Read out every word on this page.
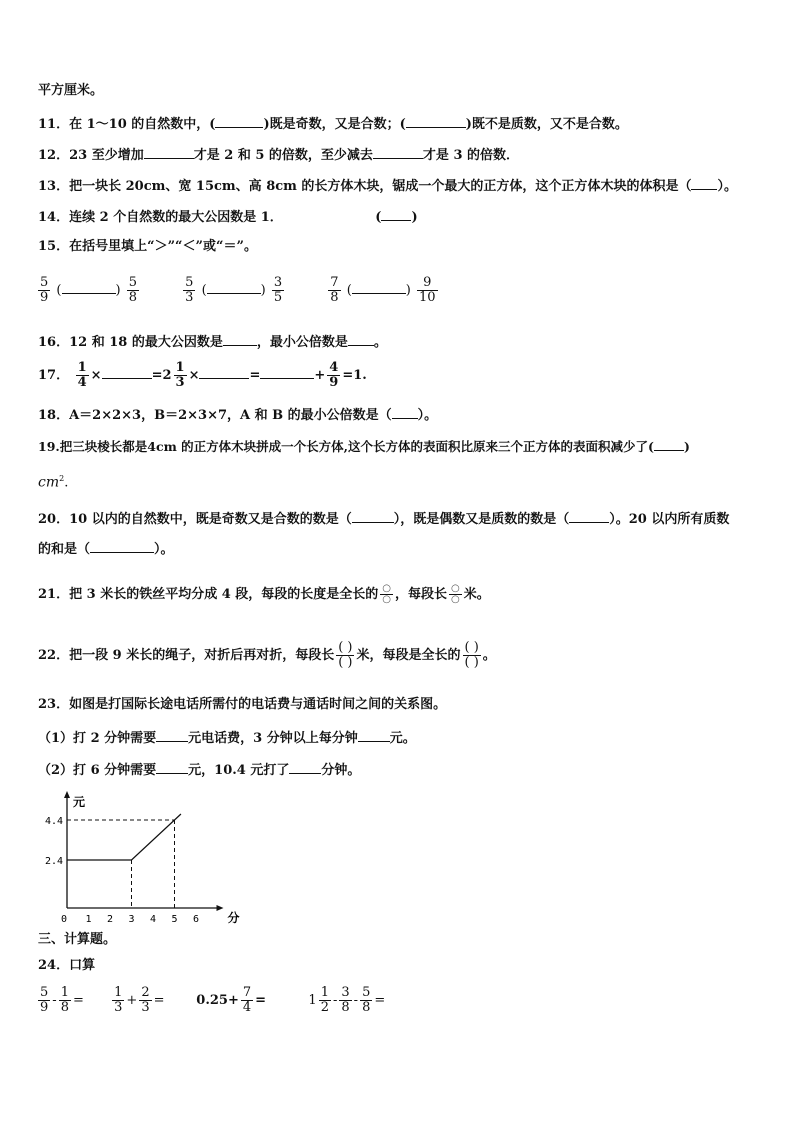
平方厘米。
11．在 1～10 的自然数中，(	)既是奇数，又是合数；(	)既不是质数，又不是合数。
12．23 至少增加	才是 2 和 5 的倍数，至少减去	才是 3 的倍数．
13．把一块长 20cm、宽 15cm、高 8cm 的长方体木块，锯成一个最大的正方体，这个正方体木块的体积是（ ）。
14．连续 2 个自然数的最大公因数是 1．	( )
15．在括号里填上“＞”“＜”或“＝”。
$\frac{5}{9}$ (	) $\frac{5}{8}$
	$\frac{5}{3}$ (	) $\frac{3}{5}$
	$\frac{7}{8}$ (	) $\frac{9}{10}$
16．12 和 18 的最大公因数是	，最小公倍数是 。
17． $\frac{1}{4}$ ×	$=2 \frac{1}{3}$ ×	=	+ $\frac{4}{9} =1$.
18．A＝2×2×3，B＝2×3×7，A 和 B 的最小公倍数是（ ）。
19.把三块棱长都是4cm 的正方体木块拼成一个长方体,这个长方体的表面积比原来三个正方体的表面积减少了( )
$cm^2$.
20．10 以内的自然数中，既是奇数又是合数的数是（	），既是偶数又是质数的数是（	）。20 以内所有质数
的和是（	）。
21．把 3 米长的铁丝平均分成 4 段，每段的长度是全长的 $\frac{○}{○}$ ，每段长 $\frac{○}{○}$ 米。
22．把一段 9 米长的绳子，对折后再对折，每段长 $\frac{( )}{( )}$ 米，每段是全长的 $\frac{( )}{( )}$ 。
23．如图是打国际长途电话所需付的电话费与通话时间之间的关系图。
（1）打 2 分钟需要 元电话费，3 分钟以上每分钟 元。
（2）打 6 分钟需要 元，10.4 元打了 分钟。
元
分
0 1 2 3 4 5 6
2.4
4.4
三、计算题。
24．口算
$\frac{5}{9} - \frac{1}{8} = \frac{1}{3} + \frac{2}{3} = 0.25+ \frac{7}{4}$ =	$1 \frac{1}{2} - \frac{3}{8} - \frac{5}{8}$ =
